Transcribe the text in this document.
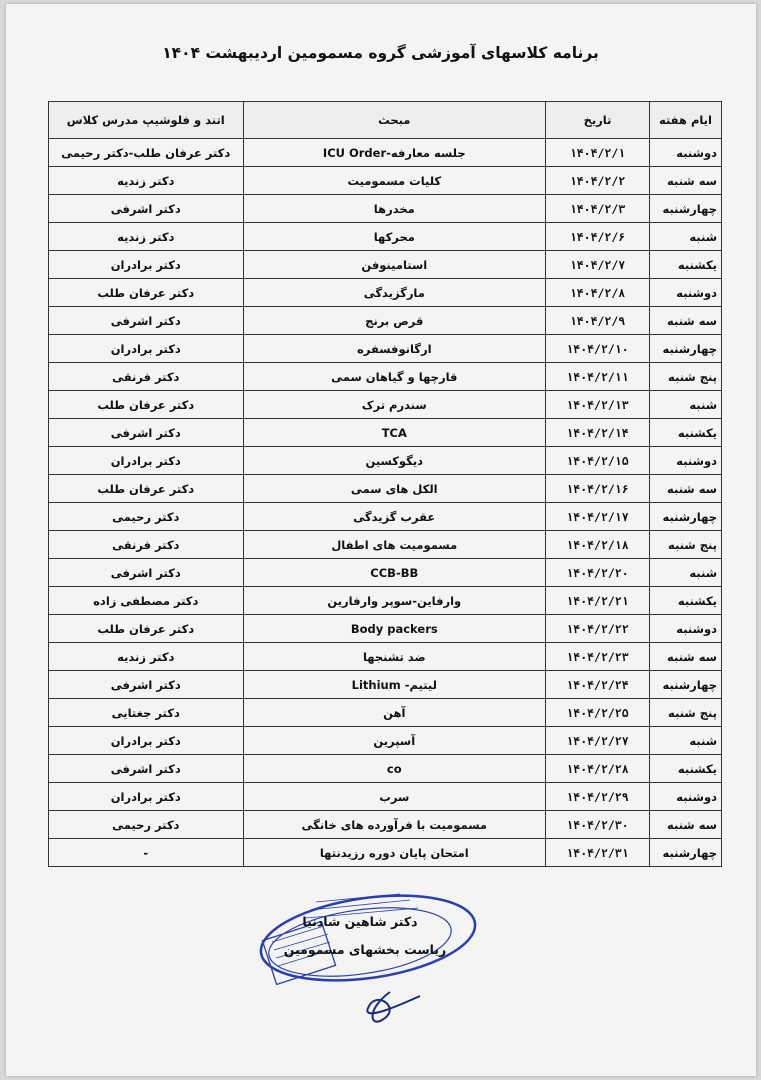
برنامه کلاسهای آموزشی گروه مسمومین اردیبهشت ۱۴۰۴
ایام هفته	تاریخ	مبحث	اتند و فلوشیپ مدرس کلاس
دوشنبه	۱۴۰۴/۲/۱	ICU Order-جلسه معارفه	دکتر عرفان طلب-دکتر رحیمی
سه شنبه	۱۴۰۴/۲/۲	کلیات مسمومیت	دکتر زندیه
چهارشنبه	۱۴۰۴/۲/۳	مخدرها	دکتر اشرفی
شنبه	۱۴۰۴/۲/۶	محرکها	دکتر زندیه
یکشنبه	۱۴۰۴/۲/۷	استامینوفن	دکتر برادران
دوشنبه	۱۴۰۴/۲/۸	مارگزیدگی	دکتر عرفان طلب
سه شنبه	۱۴۰۴/۲/۹	قرص برنج	دکتر اشرفی
چهارشنبه	۱۴۰۴/۲/۱۰	ارگانوفسفره	دکتر برادران
پنج شنبه	۱۴۰۴/۲/۱۱	قارچها و گیاهان سمی	دکتر فرنقی
شنبه	۱۴۰۴/۲/۱۳	سندرم ترک	دکتر عرفان طلب
یکشنبه	۱۴۰۴/۲/۱۴	TCA	دکتر اشرفی
دوشنبه	۱۴۰۴/۲/۱۵	دیگوکسین	دکتر برادران
سه شنبه	۱۴۰۴/۲/۱۶	الکل های سمی	دکتر عرفان طلب
چهارشنبه	۱۴۰۴/۲/۱۷	عقرب گزیدگی	دکتر رحیمی
پنج شنبه	۱۴۰۴/۲/۱۸	مسمومیت های اطفال	دکتر فرنقی
شنبه	۱۴۰۴/۲/۲۰	CCB-BB	دکتر اشرفی
یکشنبه	۱۴۰۴/۲/۲۱	وارفاین-سوپر وارفارین	دکتر مصطفی زاده
دوشنبه	۱۴۰۴/۲/۲۲	Body packers	دکتر عرفان طلب
سه شنبه	۱۴۰۴/۲/۲۳	ضد تشنجها	دکتر زندیه
چهارشنبه	۱۴۰۴/۲/۲۴	لیتیم- Lithium	دکتر اشرفی
پنج شنبه	۱۴۰۴/۲/۲۵	آهن	دکتر جغتایی
شنبه	۱۴۰۴/۲/۲۷	آسپرین	دکتر برادران
یکشنبه	۱۴۰۴/۲/۲۸	co	دکتر اشرفی
دوشنبه	۱۴۰۴/۲/۲۹	سرب	دکتر برادران
سه شنبه	۱۴۰۴/۲/۳۰	مسمومیت با فرآورده های خانگی	دکتر رحیمی
چهارشنبه	۱۴۰۴/۲/۳۱	امتحان پایان دوره رزیدنتها	-
دکتر شاهین شادنیا
ریاست بخشهای مسمومین
